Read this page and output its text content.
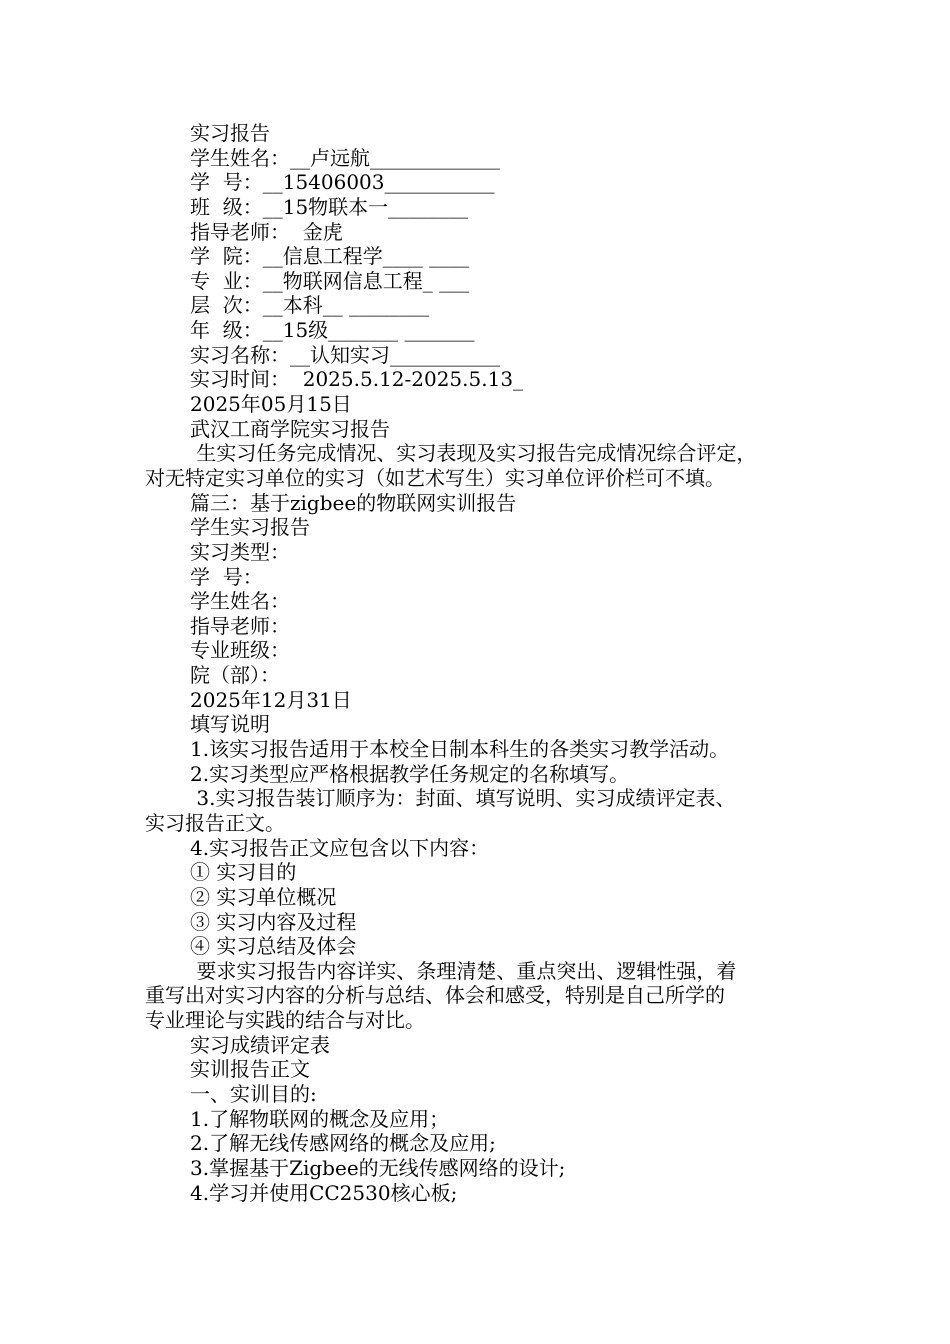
实习报告
学生姓名：__卢远航_____________
学  号：__15406003___________
班  级：__15物联本一________
指导老师：  金虎
学  院：__信息工程学____ ____
专  业：__物联网信息工程_ ___
层  次：__本科__ ________
年  级：__15级_______ _______
实习名称：__认知实习___________
实习时间：  2025.5.12-2025.5.13_
2025年05月15日
武汉工商学院实习报告
生实习任务完成情况、实习表现及实习报告完成情况综合评定，
对无特定实习单位的实习（如艺术写生）实习单位评价栏可不填。
篇三：基于zigbee的物联网实训报告
学生实习报告
实习类型：
学  号：
学生姓名：
指导老师：
专业班级：
院（部）：
2025年12月31日
填写说明
1.该实习报告适用于本校全日制本科生的各类实习教学活动。
2.实习类型应严格根据教学任务规定的名称填写。
3.实习报告装订顺序为：封面、填写说明、实习成绩评定表、
实习报告正文。
4.实习报告正文应包含以下内容：
① 实习目的
② 实习单位概况
③ 实习内容及过程
④ 实习总结及体会
要求实习报告内容详实、条理清楚、重点突出、逻辑性强，着
重写出对实习内容的分析与总结、体会和感受，特别是自己所学的
专业理论与实践的结合与对比。
实习成绩评定表
实训报告正文
一、实训目的:
1.了解物联网的概念及应用；
2.了解无线传感网络的概念及应用;
3.掌握基于Zigbee的无线传感网络的设计;
4.学习并使用CC2530核心板;
